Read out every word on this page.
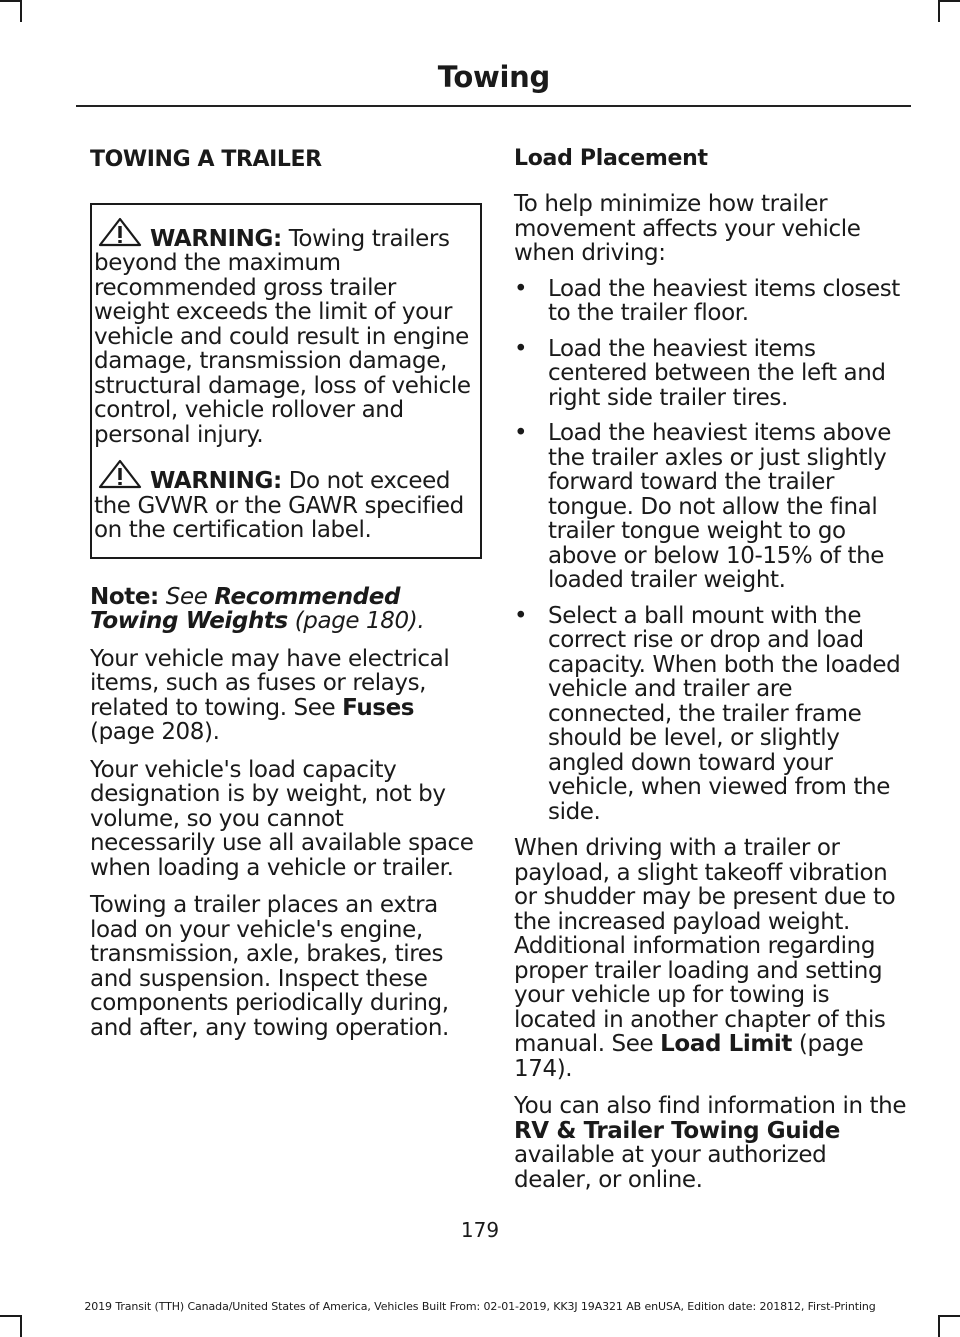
Towing
TOWING A TRAILER
WARNING: Towing trailers beyond the maximum recommended gross trailer weight exceeds the limit of your vehicle and could result in engine damage, transmission damage, structural damage, loss of vehicle control, vehicle rollover and personal injury.
WARNING: Do not exceed the GVWR or the GAWR specified on the certification label.

Note: See Recommended Towing Weights (page 180).

Your vehicle may have electrical items, such as fuses or relays, related to towing. See Fuses (page 208).

Your vehicle's load capacity designation is by weight, not by volume, so you cannot necessarily use all available space when loading a vehicle or trailer.

Towing a trailer places an extra load on your vehicle's engine, transmission, axle, brakes, tires and suspension. Inspect these components periodically during, and after, any towing operation.

Load Placement

To help minimize how trailer movement affects your vehicle when driving:

• Load the heaviest items closest to the trailer floor.
• Load the heaviest items centered between the left and right side trailer tires.
• Load the heaviest items above the trailer axles or just slightly forward toward the trailer tongue. Do not allow the final trailer tongue weight to go above or below 10-15% of the loaded trailer weight.
• Select a ball mount with the correct rise or drop and load capacity. When both the loaded vehicle and trailer are connected, the trailer frame should be level, or slightly angled down toward your vehicle, when viewed from the side.

When driving with a trailer or payload, a slight takeoff vibration or shudder may be present due to the increased payload weight. Additional information regarding proper trailer loading and setting your vehicle up for towing is located in another chapter of this manual. See Load Limit (page 174).

You can also find information in the RV & Trailer Towing Guide available at your authorized dealer, or online.

179
2019 Transit (TTH) Canada/United States of America, Vehicles Built From: 02-01-2019, KK3J 19A321 AB enUSA, Edition date: 201812, First-Printing
